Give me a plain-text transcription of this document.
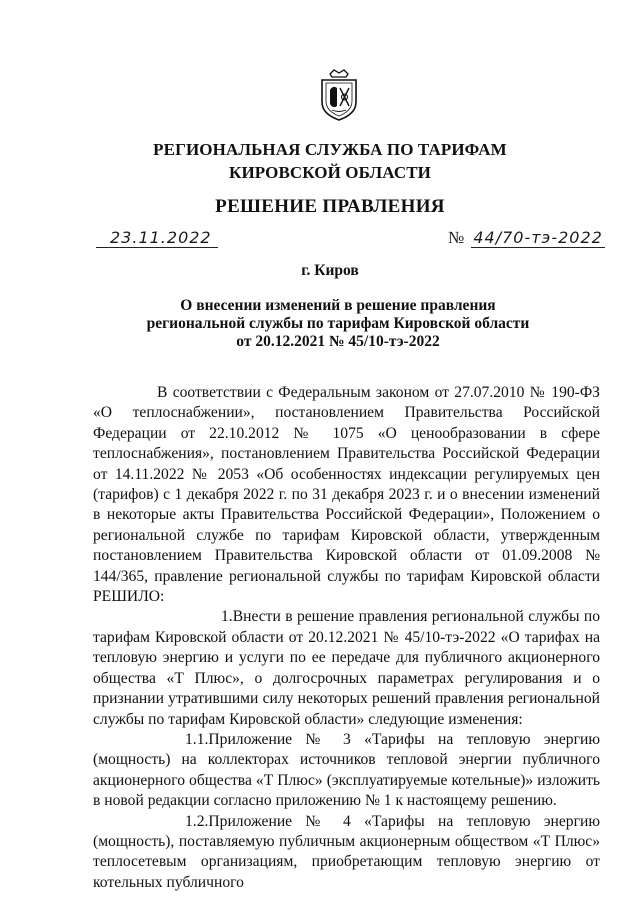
РЕГИОНАЛЬНАЯ СЛУЖБА ПО ТАРИФАМ
КИРОВСКОЙ ОБЛАСТИ
РЕШЕНИЕ ПРАВЛЕНИЯ
23.11.2022	№ 44/70-тэ-2022
г. Киров
О внесении изменений в решение правления
региональной службы по тарифам Кировской области
от 20.12.2021 № 45/10-тэ-2022

В соответствии с Федеральным законом от 27.07.2010 № 190-ФЗ «О теплоснабжении», постановлением Правительства Российской Федерации от 22.10.2012 № 1075 «О ценообразовании в сфере теплоснабжения», постановлением Правительства Российской Федерации от 14.11.2022 № 2053 «Об особенностях индексации регулируемых цен (тарифов) с 1 декабря 2022 г. по 31 декабря 2023 г. и о внесении изменений в некоторые акты Правительства Российской Федерации», Положением о региональной службе по тарифам Кировской области, утвержденным постановлением Правительства Кировской области от 01.09.2008 № 144/365, правление региональной службы по тарифам Кировской области РЕШИЛО:

1.Внести в решение правления региональной службы по тарифам Кировской области от 20.12.2021 № 45/10-тэ-2022 «О тарифах на тепловую энергию и услуги по ее передаче для публичного акционерного общества «Т Плюс», о долгосрочных параметрах регулирования и о признании утратившими силу некоторых решений правления региональной службы по тарифам Кировской области» следующие изменения:

1.1.Приложение № 3 «Тарифы на тепловую энергию (мощность) на коллекторах источников тепловой энергии публичного акционерного общества «Т Плюс» (эксплуатируемые котельные)» изложить в новой редакции согласно приложению № 1 к настоящему решению.

1.2.Приложение № 4 «Тарифы на тепловую энергию (мощность), поставляемую публичным акционерным обществом «Т Плюс» теплосетевым организациям, приобретающим тепловую энергию от котельных публичного
